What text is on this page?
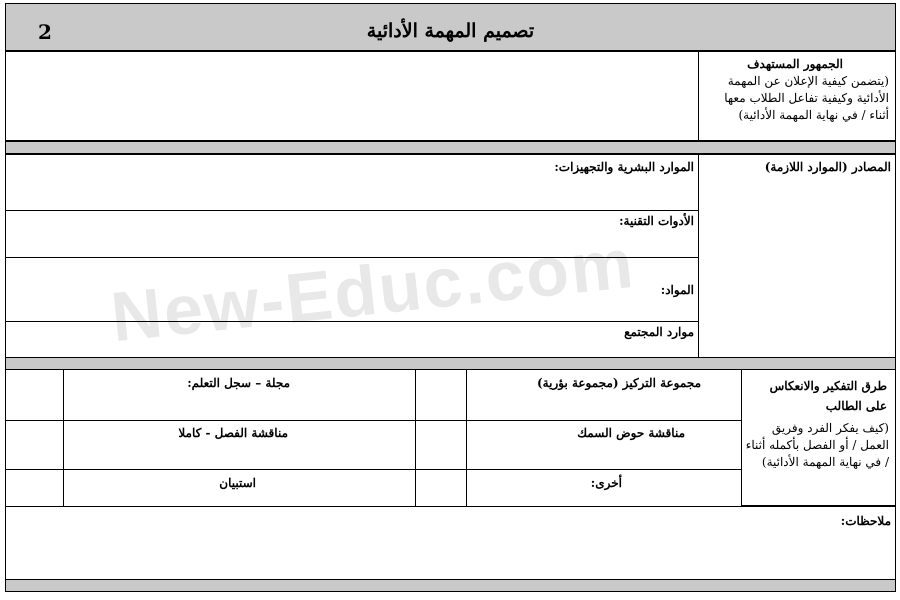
2	تصميم المهمة الأدائية
الجمهور المستهدف
(يتضمن كيفية الإعلان عن المهمة الأدائية وكيفية تفاعل الطلاب معها أثناء / في نهاية المهمة الأدائية)
المصادر (الموارد اللازمة)
الموارد البشرية والتجهيزات:
الأدوات التقنية:
المواد:
موارد المجتمع
طرق التفكير والانعكاس على الطالب
(كيف يفكر الفرد وفريق العمل / أو الفصل بأكمله أثناء / في نهاية المهمة الأدائية)
مجموعة التركيز (مجموعة بؤرية)
مجلة – سجل التعلم:
مناقشة حوض السمك
مناقشة الفصل - كاملا
أخرى:
استبيان
ملاحظات:
New-Educ.com
